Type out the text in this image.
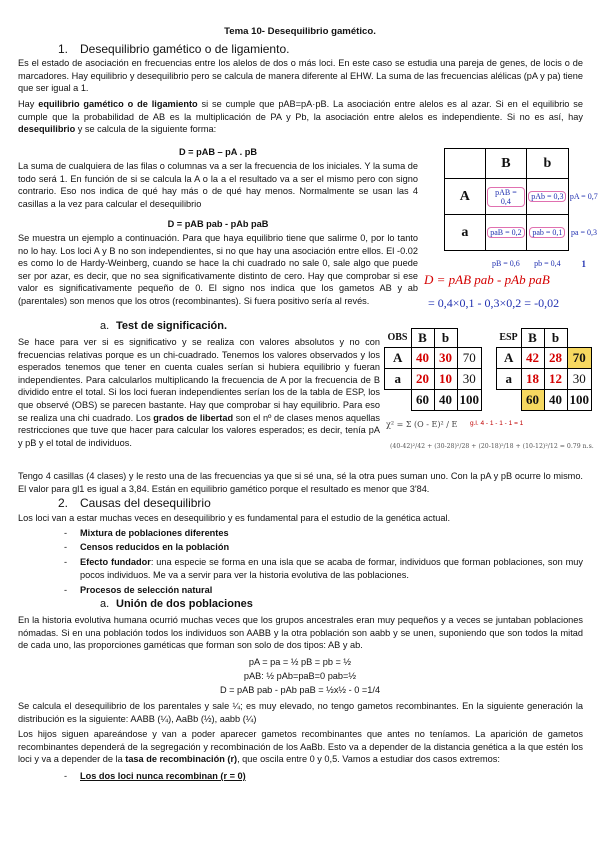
Tema 10- Desequilibrio gamético.
1. Desequilibrio gamético o de ligamiento.

Es el estado de asociación en frecuencias entre los alelos de dos o más loci. En este caso se estudia una pareja de genes, de locis o de marcadores. Hay equilibrio y desequilibrio pero se calcula de manera diferente al EHW. La suma de las frecuencias alélicas (pA y pa) tiene que ser igual a 1.

Hay equilibrio gamético o de ligamiento si se cumple que pAB=pA·pB. La asociación entre alelos es al azar. Si en el equilibrio se cumple que la probabilidad de AB es la multiplicación de PA y Pb, la asociación entre alelos es independiente. Si no es así, hay desequilibrio y se calcula de la siguiente forma:

D = pAB – pA . pB

La suma de cualquiera de las filas o columnas va a ser la frecuencia de los iniciales. Y la suma de todo será 1. En función de si se calcula la A o la a el resultado va a ser el mismo pero con signo contrario. Eso nos indica de qué hay más o de qué hay menos. Normalmente se usan las 4 casillas a la vez para calcular el desequilibrio

D = pAB pab - pAb paB

Se muestra un ejemplo a continuación. Para que haya equilibrio tiene que salirme 0, por lo tanto no lo hay. Los loci A y B no son independientes, si no que hay una asociación entre ellos. El -0.02 es como lo de Hardy-Weinberg, cuando se hace la chi cuadrado no sale 0, sale algo que puede ser por azar, es decir, que no sea significativamente distinto de cero. Hay que comprobar si ese valor es significativamente pequeño de 0. El signo nos indica que los gametos AB y ab (parentales) son menos que los otros (recombinantes). Si fuera positivo sería al revés.

	B	b	
A	pAB = 0,4	pAb = 0,3	pA = 0,7
a	paB = 0,2	pab = 0,1	pa = 0,3
	pB = 0,6	pb = 0,4	1
D = pAB pab - pAb paB
= 0,4×0,1 - 0,3×0,2 = -0,02
a. Test de significación.

Se hace para ver si es significativo y se realiza con valores absolutos y no con frecuencias relativas porque es un chi-cuadrado. Tenemos los valores observados y los esperados tenemos que tener en cuenta cuales serían si hubiera equilibrio y fueran independientes. Para calcularlos multiplicando la frecuencia de A por la frecuencia de B dividido entre el total. Si los loci fueran independientes serían los de la tabla de ESP, los que observé (OBS) se parecen bastante. Hay que comprobar si hay equilibrio. Para eso se realiza una chi cuadrado. Los grados de libertad son el nº de clases menos aquellas restricciones que tuve que hacer para calcular los valores esperados; es decir, tenía pA y pB y el total de individuos.

OBS	B	b	
A	40	30	70
a	20	10	30
	60	40	100
ESP	B	b	
A	42	28	70
a	18	12	30
	60	40	100
χ² = Σ (O - E)² / E g.l. 4 - 1 - 1 - 1 = 1
(40-42)²/42 + (30-28)²/28 + (20-18)²/18 + (10-12)²/12 = 0.79 n.s.

Tengo 4 casillas (4 clases) y le resto una de las frecuencias ya que si sé una, sé la otra pues suman uno. Con la pA y pB ocurre lo mismo. El valor para gl1 es igual a 3,84. Están en equilibrio gamético porque el resultado es menor que 3'84.

2. Causas del desequilibrio

Los loci van a estar muchas veces en desequilibrio y es fundamental para el estudio de la genética actual.

- Mixtura de poblaciones diferentes
- Censos reducidos en la población
- Efecto fundador: una especie se forma en una isla que se acaba de formar, individuos que forman poblaciones, son muy pocos individuos. Me va a servir para ver la historia evolutiva de las poblaciones.

- Procesos de selección natural
a. Unión de dos poblaciones

En la historia evolutiva humana ocurrió muchas veces que los grupos ancestrales eran muy pequeños y a veces se juntaban poblaciones nómadas. Si en una población todos los individuos son AABB y la otra población son aabb y se unen, suponiendo que son todos la mitad de cada uno, las proporciones gaméticas que forman son solo de dos tipos: AB y ab.

pA = pa = ½ pB = pb = ½
pAB: ½ pAb=paB=0 pab=½
D = pAB pab - pAb paB = ½x½ - 0 =1/4

Se calcula el desequilibrio de los parentales y sale ¼; es muy elevado, no tengo gametos recombinantes. En la siguiente generación la distribución es la siguiente: AABB (¼), AaBb (½), aabb (¼)

Los hijos siguen apareándose y van a poder aparecer gametos recombinantes que antes no teníamos. La aparición de gametos recombinantes dependerá de la segregación y recombinación de los AaBb. Esto va a depender de la distancia genética a la que estén los loci y va a depender de la tasa de recombinación (r), que oscila entre 0 y 0,5. Vamos a estudiar dos casos extremos:

- Los dos loci nunca recombinan (r = 0)
